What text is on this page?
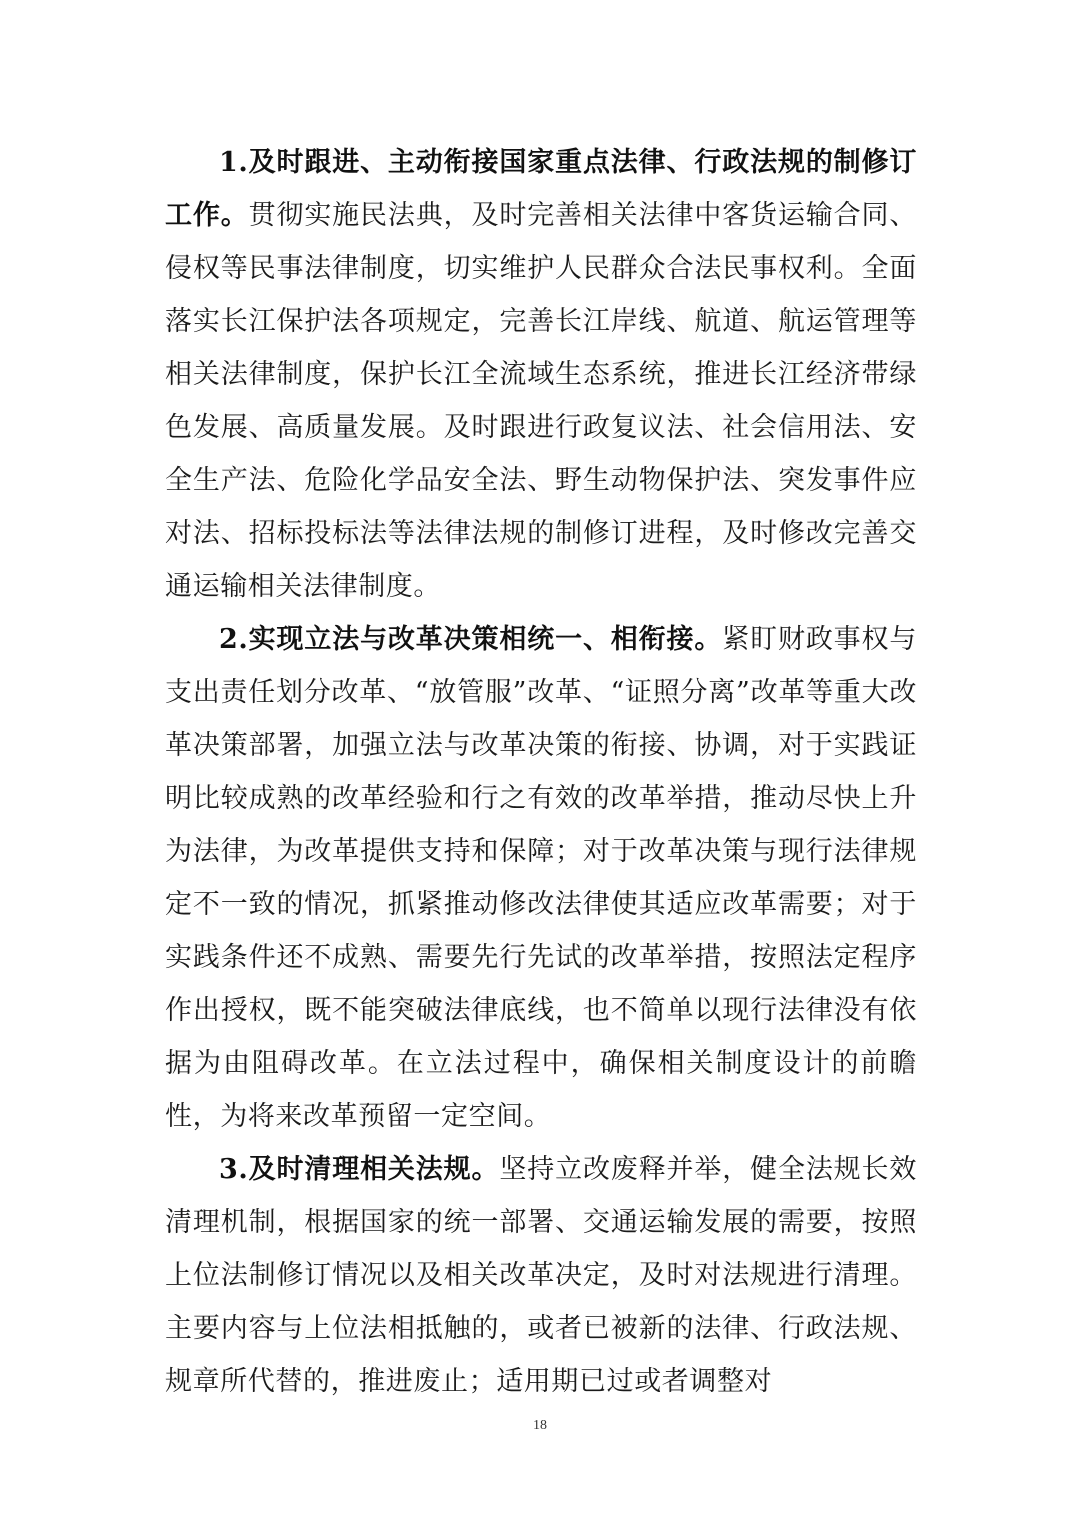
1.及时跟进、主动衔接国家重点法律、行政法规的制修订工作。贯彻实施民法典，及时完善相关法律中客货运输合同、侵权等民事法律制度，切实维护人民群众合法民事权利。全面落实长江保护法各项规定，完善长江岸线、航道、航运管理等相关法律制度，保护长江全流域生态系统，推进长江经济带绿色发展、高质量发展。及时跟进行政复议法、社会信用法、安全生产法、危险化学品安全法、野生动物保护法、突发事件应对法、招标投标法等法律法规的制修订进程，及时修改完善交通运输相关法律制度。

2.实现立法与改革决策相统一、相衔接。紧盯财政事权与支出责任划分改革、“放管服”改革、“证照分离”改革等重大改革决策部署，加强立法与改革决策的衔接、协调，对于实践证明比较成熟的改革经验和行之有效的改革举措，推动尽快上升为法律，为改革提供支持和保障；对于改革决策与现行法律规定不一致的情况，抓紧推动修改法律使其适应改革需要；对于实践条件还不成熟、需要先行先试的改革举措，按照法定程序作出授权，既不能突破法律底线，也不简单以现行法律没有依据为由阻碍改革。在立法过程中，确保相关制度设计的前瞻性，为将来改革预留一定空间。

3.及时清理相关法规。坚持立改废释并举，健全法规长效清理机制，根据国家的统一部署、交通运输发展的需要，按照上位法制修订情况以及相关改革决定，及时对法规进行清理。主要内容与上位法相抵触的，或者已被新的法律、行政法规、规章所代替的，推进废止；适用期已过或者调整对

18
